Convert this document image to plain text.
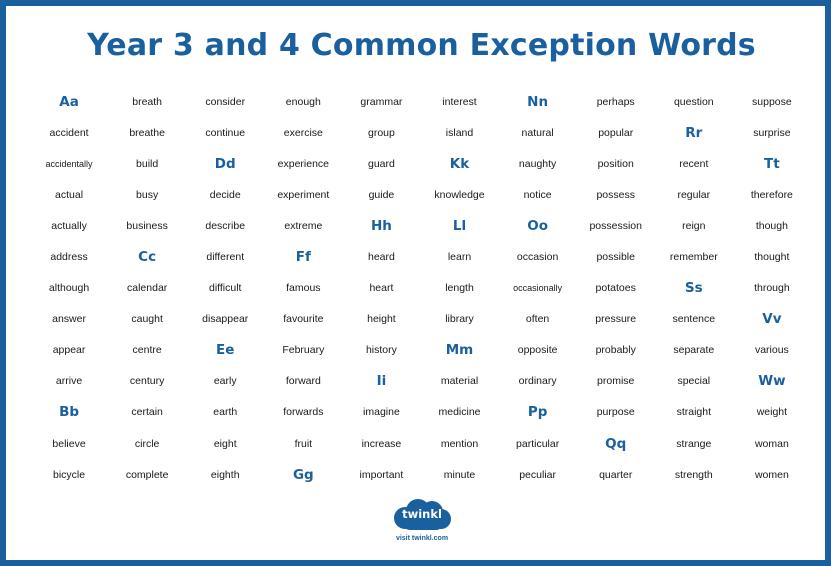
Year 3 and 4 Common Exception Words
Aa
accident
accidentally
actual
actually
address
although
answer
appear
arrive
Bb
believe
bicycle
breath
breathe
build
busy
business
Cc
calendar
caught
centre
century
certain
circle
complete
consider
continue
Dd
decide
describe
different
difficult
disappear
Ee
early
earth
eight
eighth
enough
exercise
experience
experiment
extreme
Ff
famous
favourite
February
forward
forwards
fruit
Gg
grammar
group
guard
guide
Hh
heard
heart
height
history
Ii
imagine
increase
important
interest
island
Kk
knowledge
Ll
learn
length
library
Mm
material
medicine
mention
minute
Nn
natural
naughty
notice
Oo
occasion
occasionally
often
opposite
ordinary
Pp
particular
peculiar
perhaps
popular
position
possess
possession
possible
potatoes
pressure
probably
promise
purpose
Qq
quarter
question
Rr
recent
regular
reign
remember
Ss
sentence
separate
special
straight
strange
strength
suppose
surprise
Tt
therefore
though
thought
through
Vv
various
Ww
weight
woman
women
twinkl
visit twinkl.com
